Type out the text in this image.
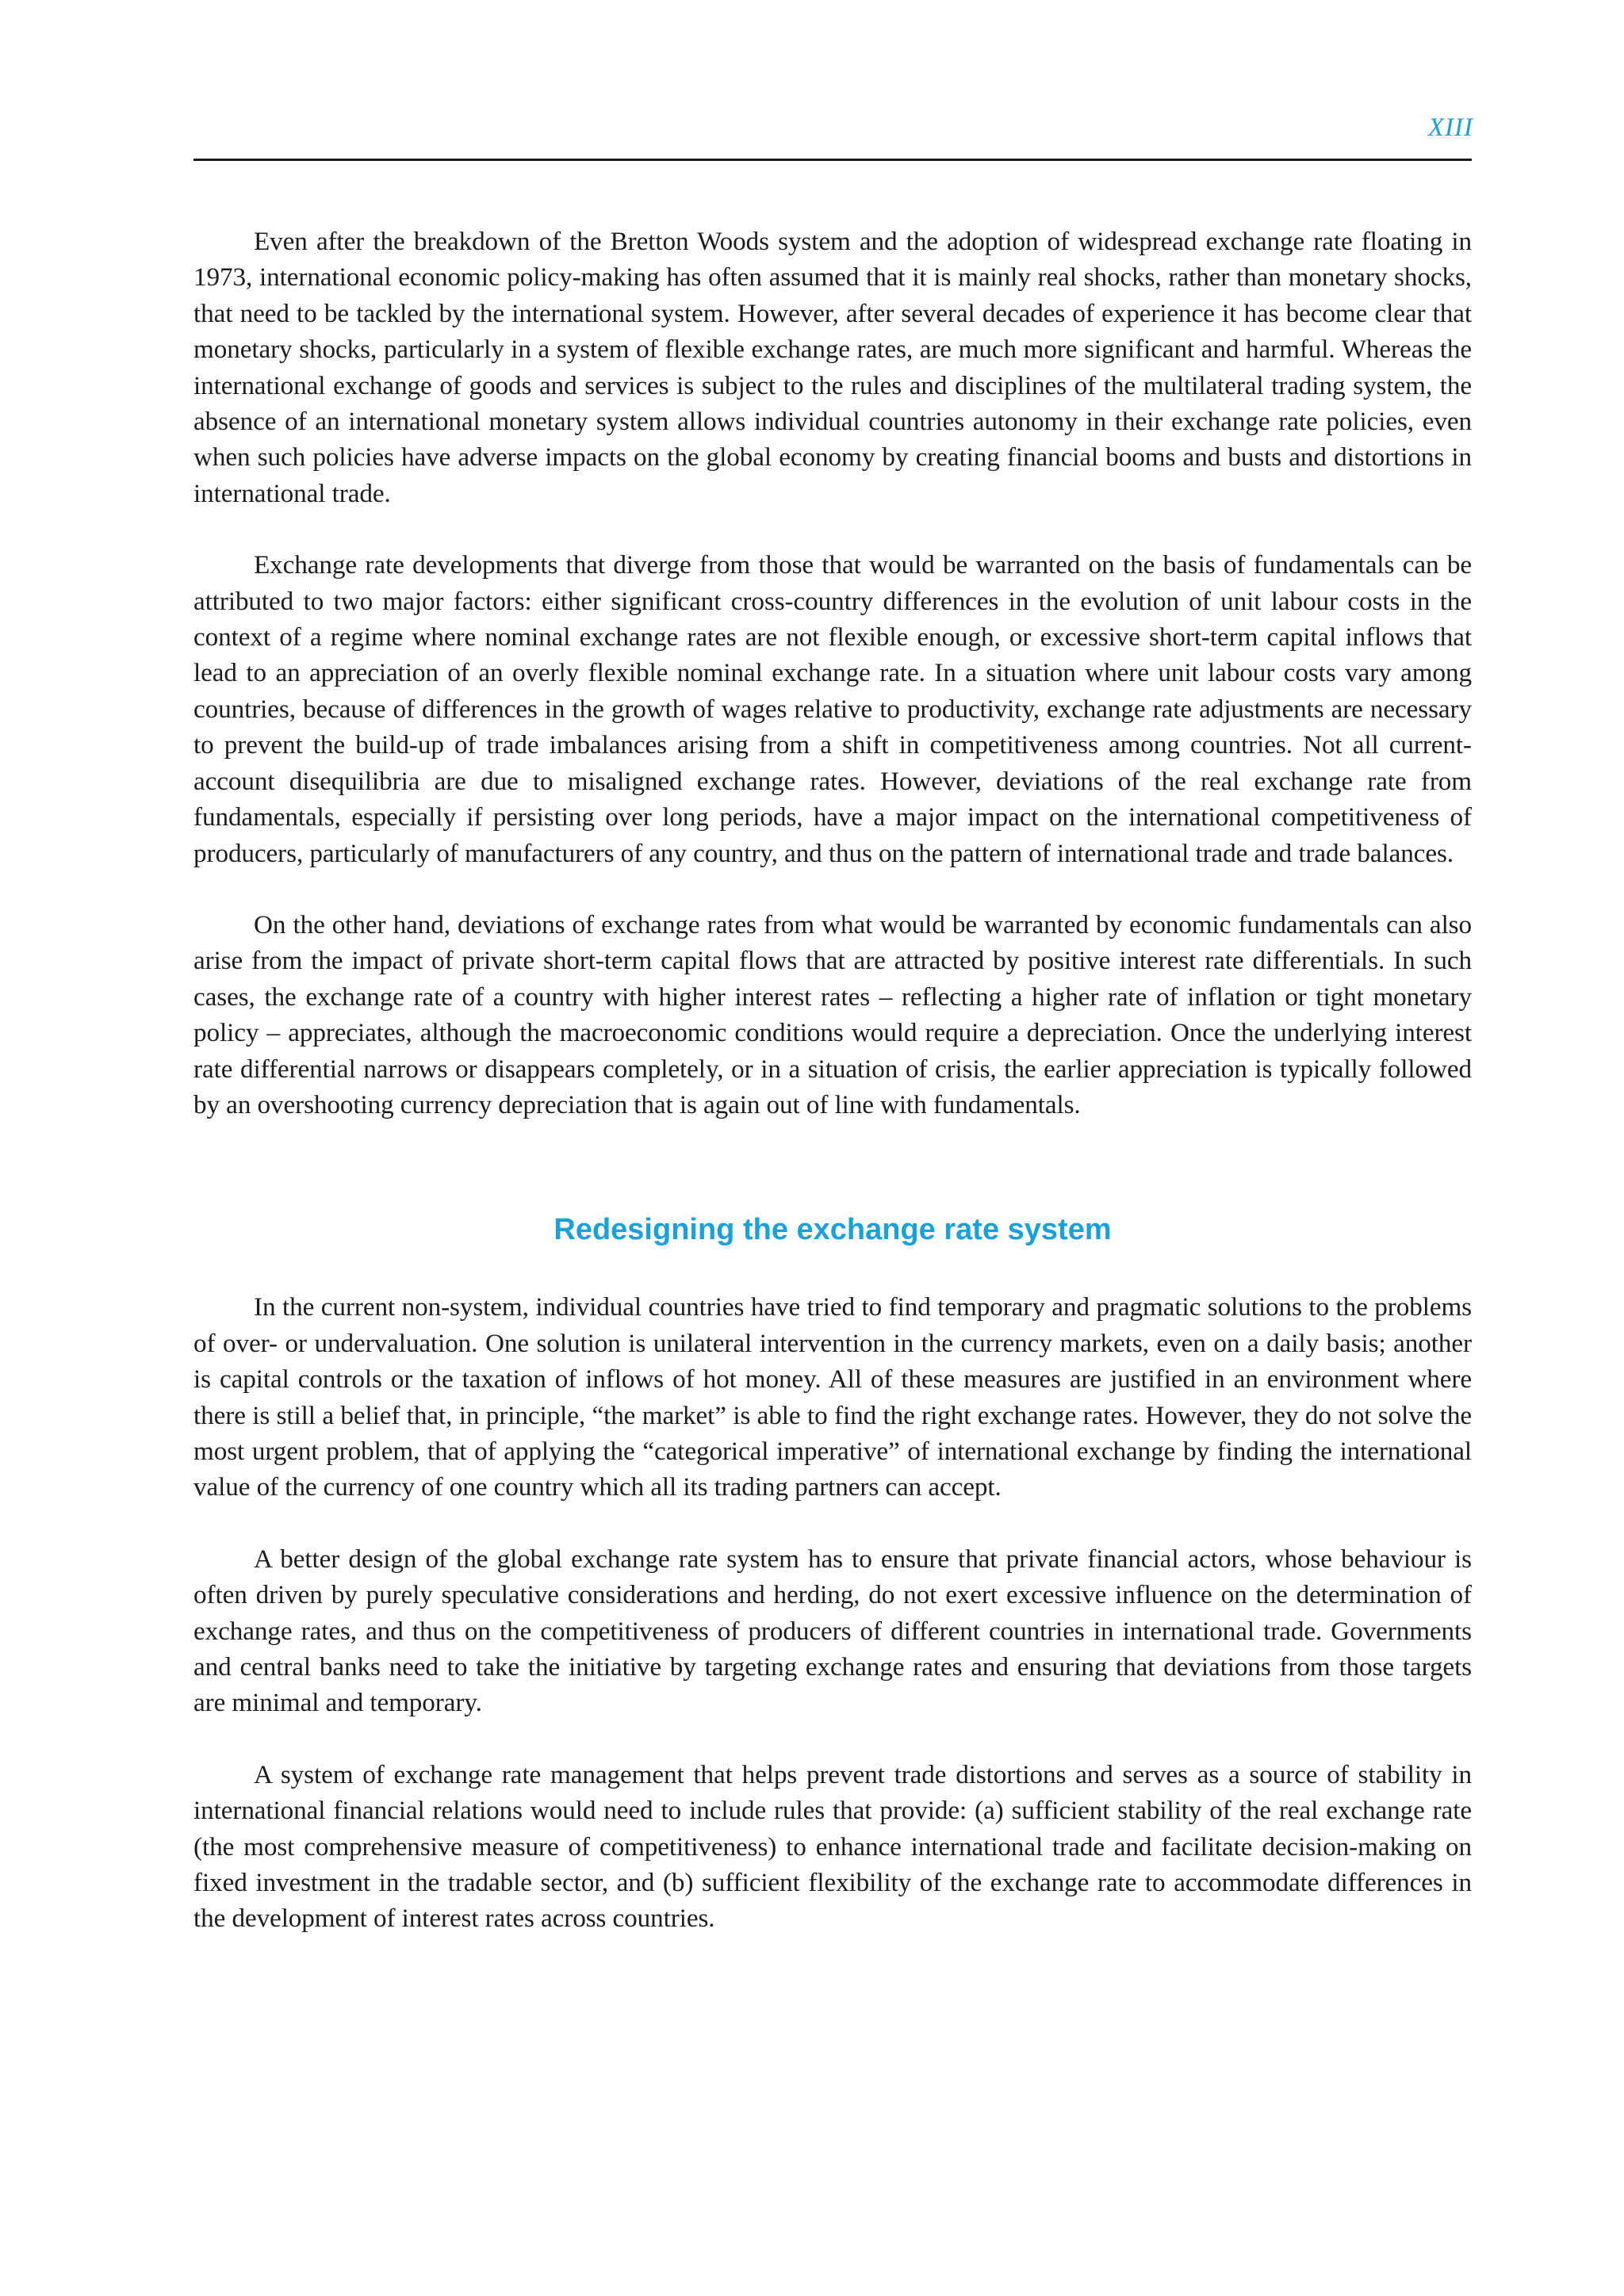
XIII

Even after the breakdown of the Bretton Woods system and the adoption of widespread exchange rate floating in 1973, international economic policy-making has often assumed that it is mainly real shocks, rather than monetary shocks, that need to be tackled by the international system. However, after several decades of experience it has become clear that monetary shocks, particularly in a system of flexible exchange rates, are much more significant and harmful. Whereas the international exchange of goods and services is subject to the rules and disciplines of the multilateral trading system, the absence of an international monetary system allows individual countries autonomy in their exchange rate policies, even when such policies have adverse impacts on the global economy by creating financial booms and busts and distortions in international trade.

Exchange rate developments that diverge from those that would be warranted on the basis of fundamentals can be attributed to two major factors: either significant cross-country differences in the evolution of unit labour costs in the context of a regime where nominal exchange rates are not flexible enough, or excessive short-term capital inflows that lead to an appreciation of an overly flexible nominal exchange rate. In a situation where unit labour costs vary among countries, because of differences in the growth of wages relative to productivity, exchange rate adjustments are necessary to prevent the build-up of trade imbalances arising from a shift in competitiveness among countries. Not all current-account disequilibria are due to misaligned exchange rates. However, deviations of the real exchange rate from fundamentals, especially if persisting over long periods, have a major impact on the international competitiveness of producers, particularly of manufacturers of any country, and thus on the pattern of international trade and trade balances.

On the other hand, deviations of exchange rates from what would be warranted by economic fundamentals can also arise from the impact of private short-term capital flows that are attracted by positive interest rate differentials. In such cases, the exchange rate of a country with higher interest rates – reflecting a higher rate of inflation or tight monetary policy – appreciates, although the macroeconomic conditions would require a depreciation. Once the underlying interest rate differential narrows or disappears completely, or in a situation of crisis, the earlier appreciation is typically followed by an overshooting currency depreciation that is again out of line with fundamentals.

Redesigning the exchange rate system

In the current non-system, individual countries have tried to find temporary and pragmatic solutions to the problems of over- or undervaluation. One solution is unilateral intervention in the currency markets, even on a daily basis; another is capital controls or the taxation of inflows of hot money. All of these measures are justified in an environment where there is still a belief that, in principle, “the market” is able to find the right exchange rates. However, they do not solve the most urgent problem, that of applying the “categorical imperative” of international exchange by finding the international value of the currency of one country which all its trading partners can accept.

A better design of the global exchange rate system has to ensure that private financial actors, whose behaviour is often driven by purely speculative considerations and herding, do not exert excessive influence on the determination of exchange rates, and thus on the competitiveness of producers of different countries in international trade. Governments and central banks need to take the initiative by targeting exchange rates and ensuring that deviations from those targets are minimal and temporary.

A system of exchange rate management that helps prevent trade distortions and serves as a source of stability in international financial relations would need to include rules that provide: (a) sufficient stability of the real exchange rate (the most comprehensive measure of competitiveness) to enhance international trade and facilitate decision-making on fixed investment in the tradable sector, and (b) sufficient flexibility of the exchange rate to accommodate differences in the development of interest rates across countries.
